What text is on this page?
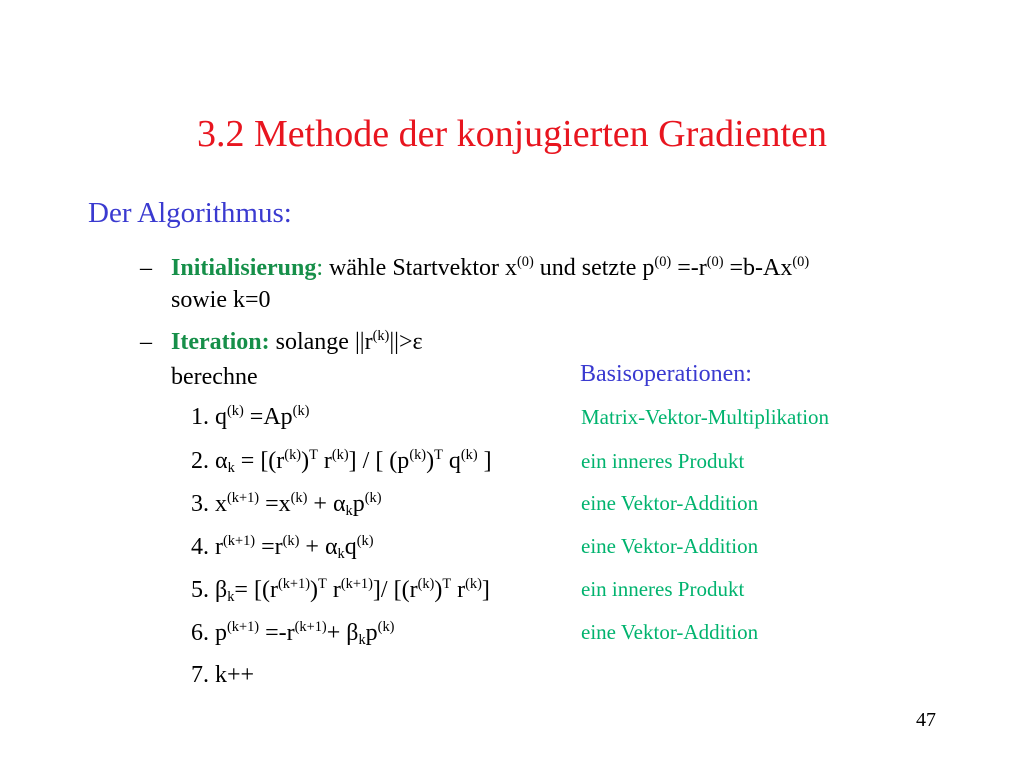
3.2 Methode der konjugierten Gradienten
Der Algorithmus:
– Initialisierung: wähle Startvektor $x^{(0)}$ und setzte $p^{(0)} =-r^{(0)} =b-Ax^{(0)}$
sowie k=0
– Iteration: solange $||r^{(k)}||>\varepsilon$
berechne
1. $q^{(k)} =Ap^{(k)}$
2. $\alpha_k = [(r^{(k)})^T$ $r^{(k)}$] / [ $(p^{(k)})^T$ $q^{(k)}$ ]
3. $x^{(k+1)} =x^{(k)} + \alpha_kp^{(k)}$
4. $r^{(k+1)} =r^{(k)} + \alpha_kq^{(k)}$
5. $\beta_k= [(r^{(k+1)})^T$ $r^{(k+1)}]/$ [$(r^{(k)})^T$ $r^{(k)}$]
6. $p^{(k+1)} =-r^{(k+1)}+ \beta_kp^{(k)}$
7. k++
Basisoperationen:
Matrix-Vektor-Multiplikation
ein inneres Produkt
eine Vektor-Addition
eine Vektor-Addition
ein inneres Produkt
eine Vektor-Addition
47
